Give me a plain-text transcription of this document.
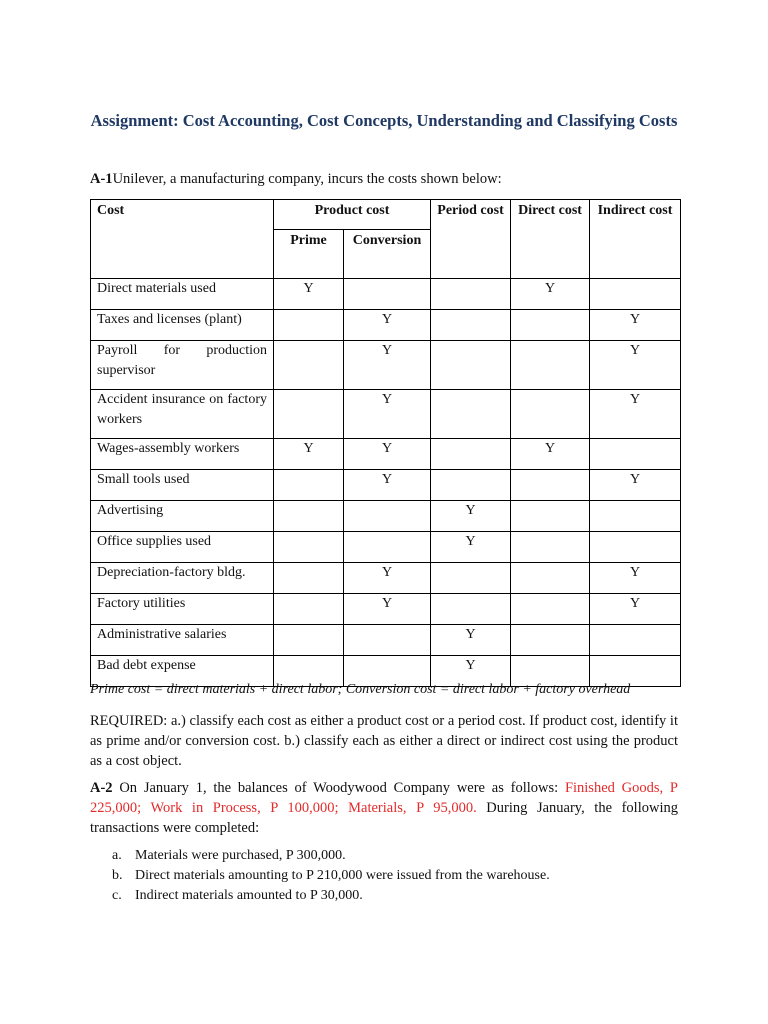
Assignment: Cost Accounting, Cost Concepts, Understanding and Classifying Costs
A-1Unilever, a manufacturing company, incurs the costs shown below:
Cost	Product cost		Period cost	Direct cost	Indirect cost
	Prime	Conversion			
Direct materials used	Y			Y	
Taxes and licenses (plant)		Y			Y
Payroll for production supervisor		Y			Y
Accident insurance on factory workers		Y			Y
Wages-assembly workers	Y	Y		Y	
Small tools used		Y			Y
Advertising			Y		
Office supplies used			Y		
Depreciation-factory bldg.		Y			Y
Factory utilities		Y			Y
Administrative salaries			Y		
Bad debt expense			Y		
Prime cost = direct materials + direct labor; Conversion cost = direct labor + factory overhead
REQUIRED: a.) classify each cost as either a product cost or a period cost. If product cost, identify it as prime and/or conversion cost. b.) classify each as either a direct or indirect cost using the product as a cost object.
A-2 On January 1, the balances of Woodywood Company were as follows: Finished Goods, P 225,000; Work in Process, P 100,000; Materials, P 95,000. During January, the following transactions were completed:
a. Materials were purchased, P 300,000.
b. Direct materials amounting to P 210,000 were issued from the warehouse.
c. Indirect materials amounted to P 30,000.
